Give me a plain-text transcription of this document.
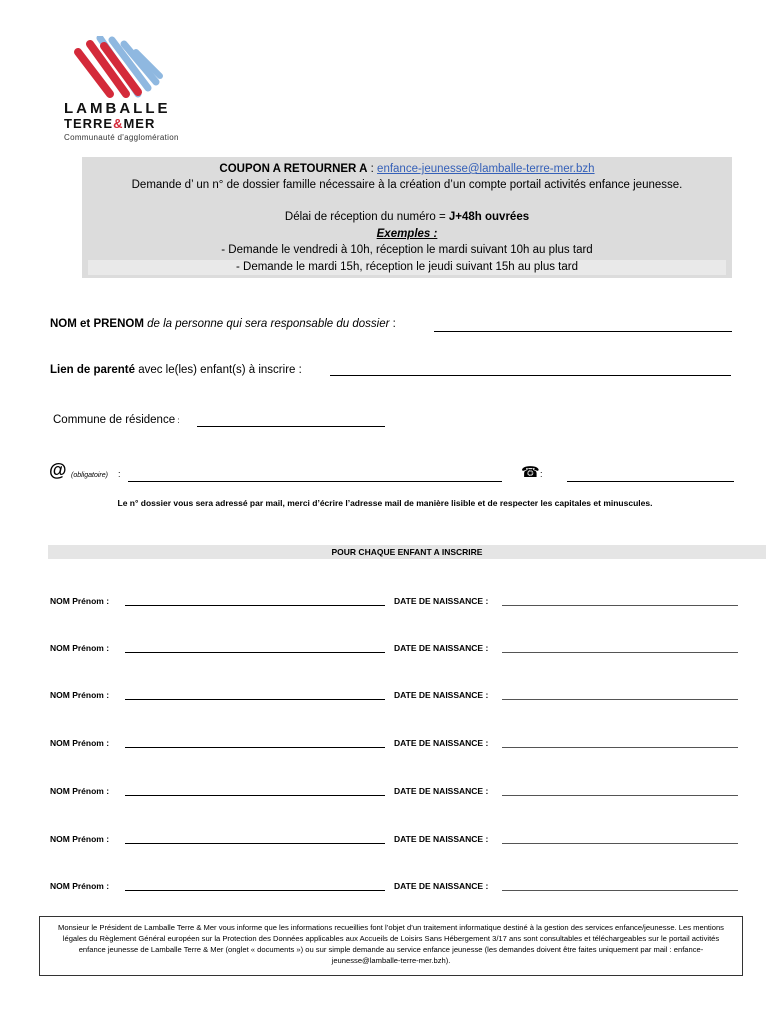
LAMBALLE
TERRE&MER
Communauté d'agglomération
COUPON A RETOURNER A : enfance-jeunesse@lamballe-terre-mer.bzh
Demande d’ un n° de dossier famille nécessaire à la création d’un compte portail activités enfance jeunesse.
Délai de réception du numéro = J+48h ouvrées
Exemples :
- Demande le vendredi à 10h, réception le mardi suivant 10h au plus tard
- Demande le mardi 15h, réception le jeudi suivant 15h au plus tard
NOM et PRENOM de la personne qui sera responsable du dossier :
Lien de parenté avec le(les) enfant(s) à inscrire :
Commune de résidence :
@ (obligatoire) :	☎ :
Le n° dossier vous sera adressé par mail, merci d’écrire l’adresse mail de manière lisible et de respecter les capitales et minuscules.
POUR CHAQUE ENFANT A INSCRIRE
NOM Prénom :	DATE DE NAISSANCE :
NOM Prénom :	DATE DE NAISSANCE :
NOM Prénom :	DATE DE NAISSANCE :
NOM Prénom :	DATE DE NAISSANCE :
NOM Prénom :	DATE DE NAISSANCE :
NOM Prénom :	DATE DE NAISSANCE :
NOM Prénom :	DATE DE NAISSANCE :
Monsieur le Président de Lamballe Terre & Mer vous informe que les informations recueillies font l’objet d’un traitement informatique destiné à la gestion des services enfance/jeunesse. Les mentions légales du Règlement Général européen sur la Protection des Données applicables aux Accueils de Loisirs Sans Hébergement 3/17 ans sont consultables et téléchargeables sur le portail activités enfance jeunesse de Lamballe Terre & Mer (onglet « documents ») ou sur simple demande au service enfance jeunesse (les demandes doivent être faites uniquement par mail : enfance-jeunesse@lamballe-terre-mer.bzh).
